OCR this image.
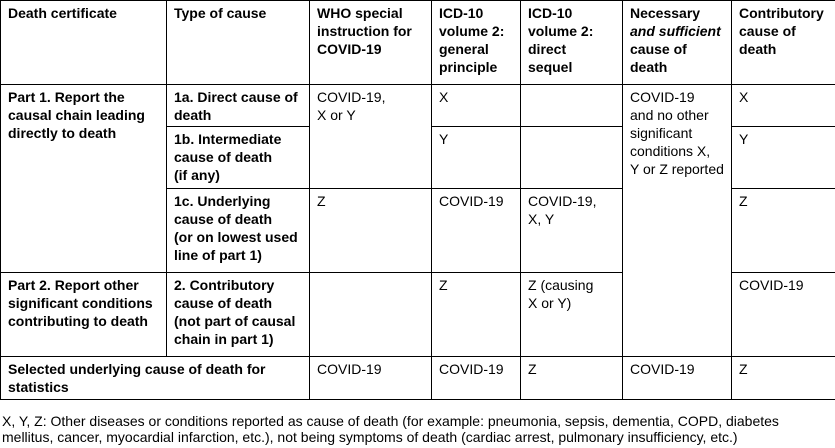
Death certificate	Type of cause	WHO special
instruction for
COVID-19	ICD-10
volume 2:
general
principle	ICD-10
volume 2:
direct
sequel	Necessary
and sufficient
cause of
death	Contributory
cause of
death

Part 1. Report the
causal chain leading
directly to death	1a. Direct cause of
death	COVID-19,
X or Y	X		COVID-19
and no other
significant
conditions X,
Y or Z reported	X

	1b. Intermediate
cause of death
(if any)		Y			Y

	1c. Underlying
cause of death
(or on lowest used
line of part 1)	Z	COVID-19	COVID-19,
X, Y		Z

Part 2. Report other
significant conditions
contributing to death	2. Contributory
cause of death
(not part of causal
chain in part 1)		Z	Z (causing
X or Y)		COVID-19

Selected underlying cause of death for
statistics		COVID-19	COVID-19	Z	COVID-19	Z
X, Y, Z: Other diseases or conditions reported as cause of death (for example: pneumonia, sepsis, dementia, COPD, diabetes
mellitus, cancer, myocardial infarction, etc.), not being symptoms of death (cardiac arrest, pulmonary insufficiency, etc.)
